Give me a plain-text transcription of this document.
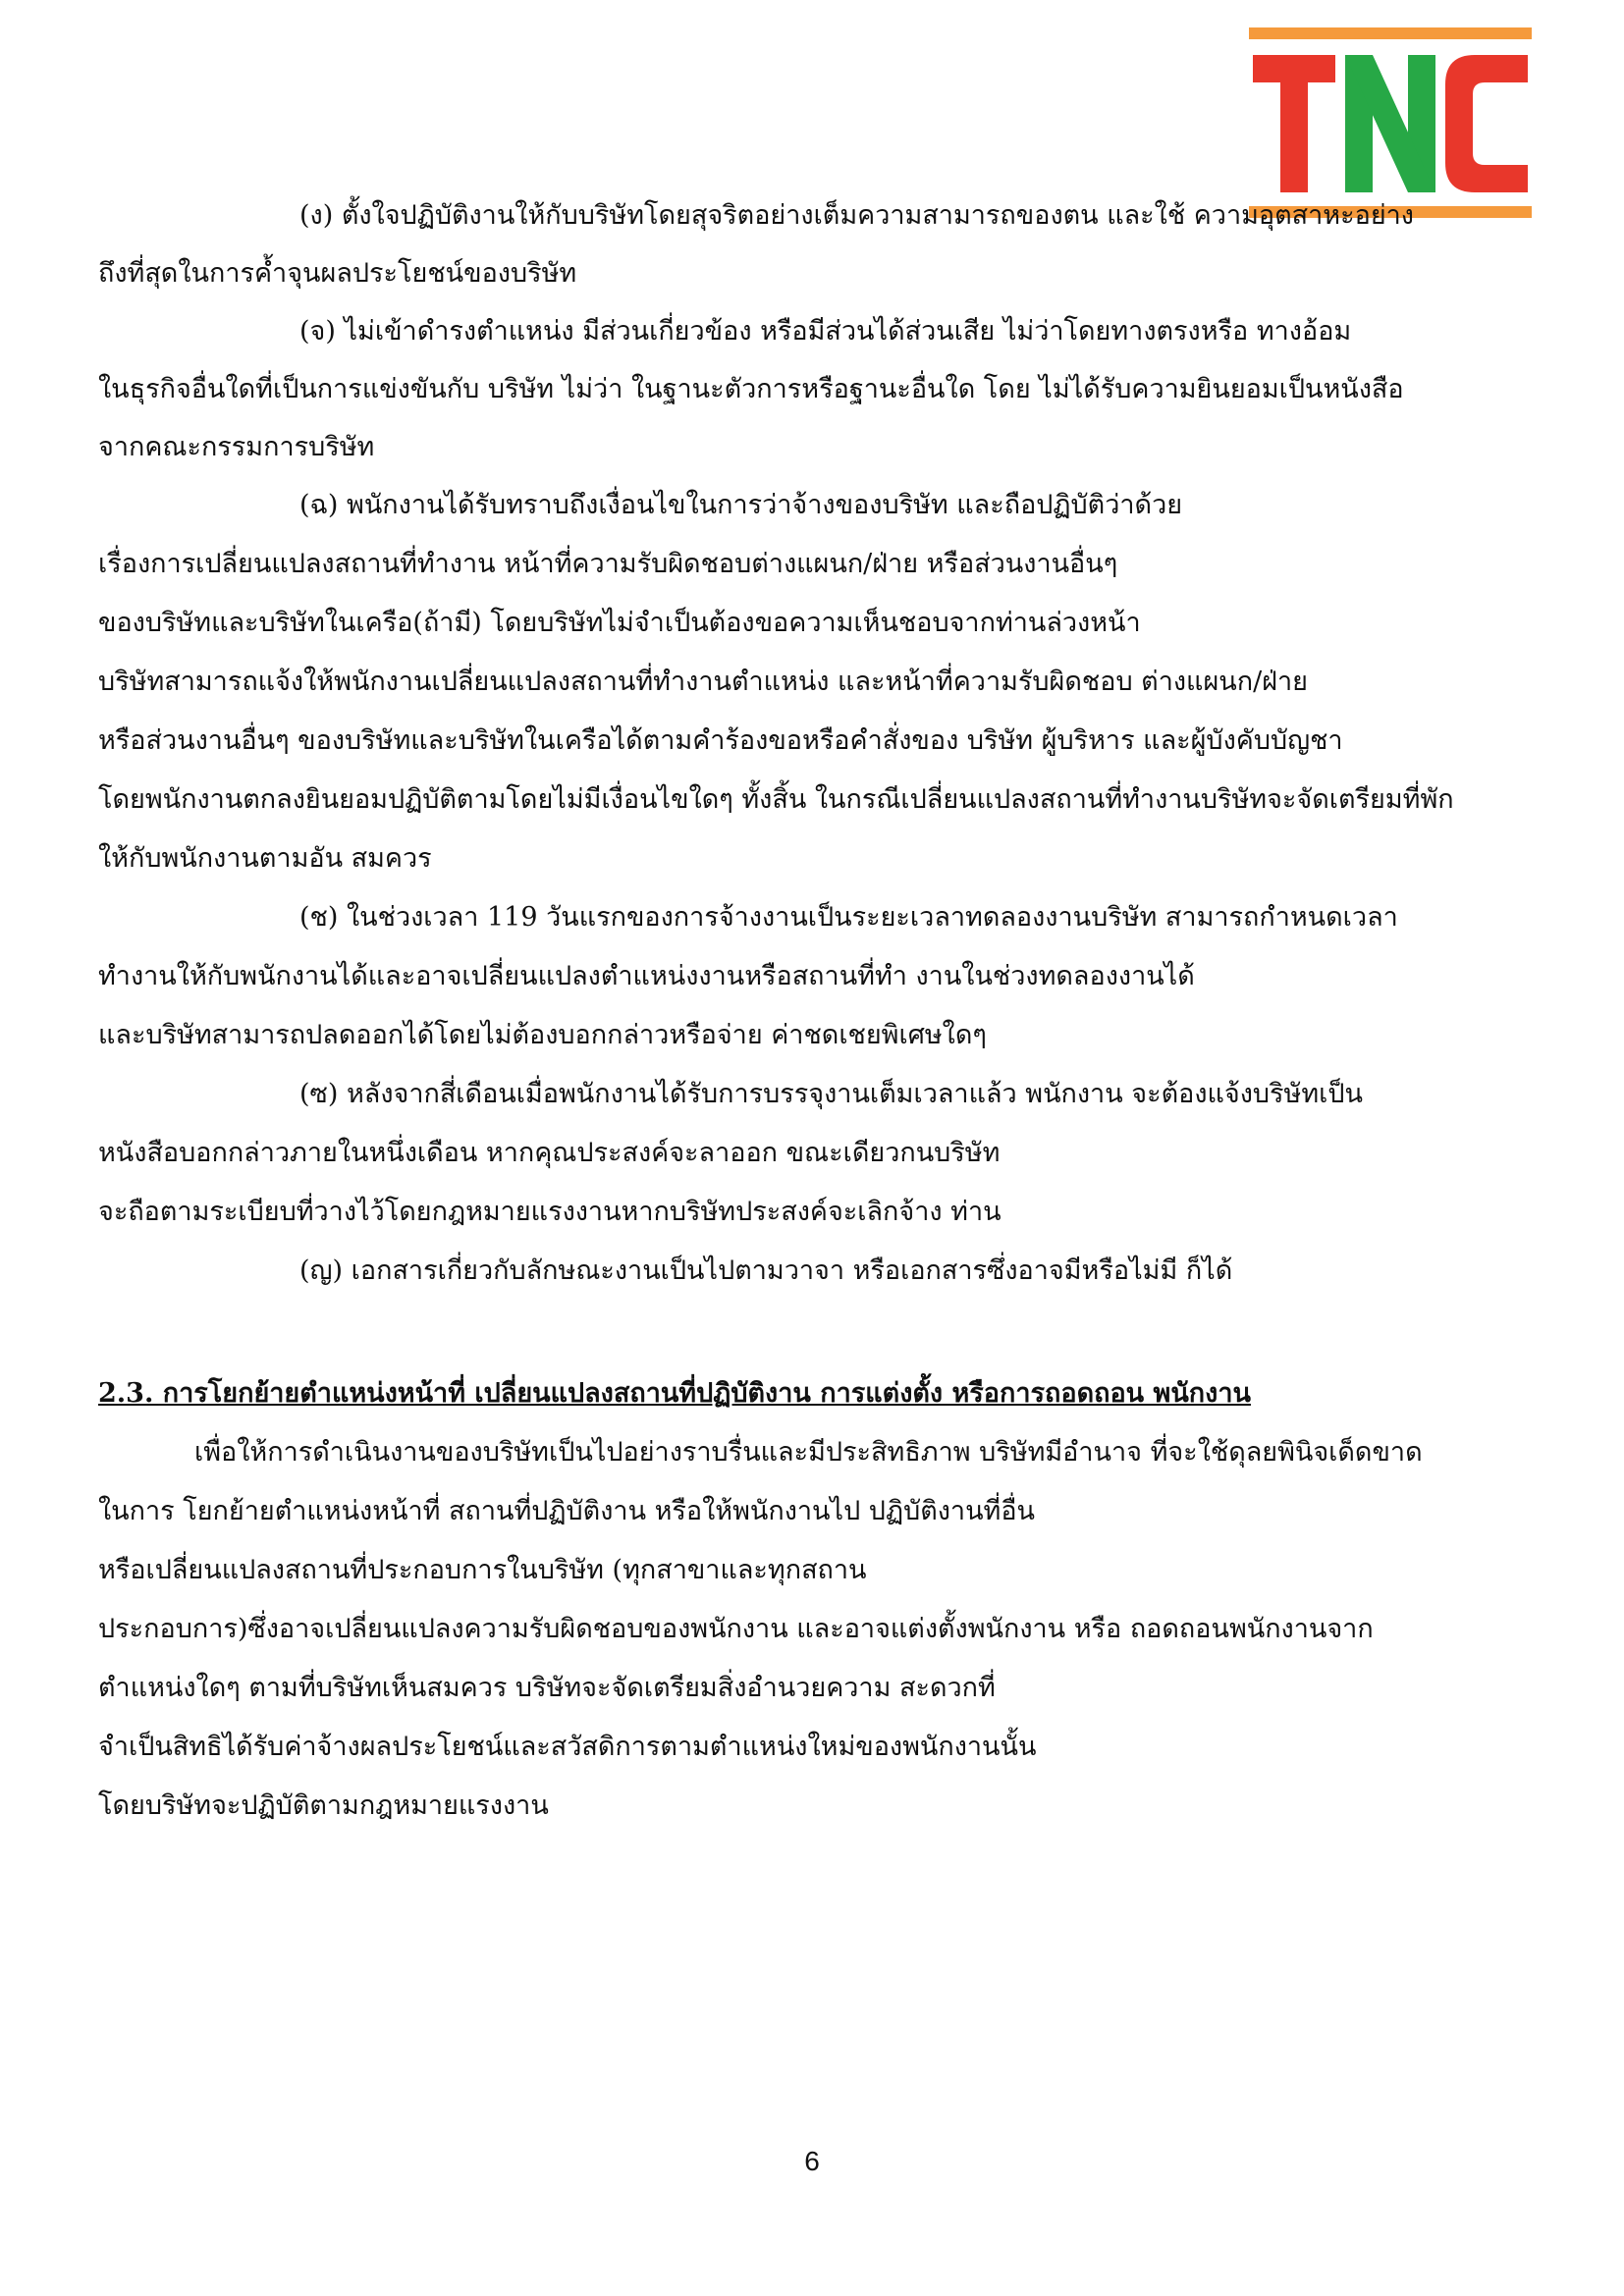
(ง) ตั้งใจปฏิบัติงานให้กับบริษัทโดยสุจริตอย่างเต็มความสามารถของตน และใช้ ความอุตสาหะอย่าง
ถึงที่สุดในการค้ำจุนผลประโยชน์ของบริษัท
(จ) ไม่เข้าดำรงตำแหน่ง มีส่วนเกี่ยวข้อง หรือมีส่วนได้ส่วนเสีย ไม่ว่าโดยทางตรงหรือ ทางอ้อม
ในธุรกิจอื่นใดที่เป็นการแข่งขันกับ บริษัท ไม่ว่า ในฐานะตัวการหรือฐานะอื่นใด โดย ไม่ได้รับความยินยอมเป็นหนังสือ
จากคณะกรรมการบริษัท
(ฉ) พนักงานได้รับทราบถึงเงื่อนไขในการว่าจ้างของบริษัท และถือปฏิบัติว่าด้วย
เรื่องการเปลี่ยนแปลงสถานที่ทำงาน หน้าที่ความรับผิดชอบต่างแผนก/ฝ่าย หรือส่วนงานอื่นๆ
ของบริษัทและบริษัทในเครือ(ถ้ามี) โดยบริษัทไม่จำเป็นต้องขอความเห็นชอบจากท่านล่วงหน้า
บริษัทสามารถแจ้งให้พนักงานเปลี่ยนแปลงสถานที่ทำงานตำแหน่ง และหน้าที่ความรับผิดชอบ ต่างแผนก/ฝ่าย
หรือส่วนงานอื่นๆ ของบริษัทและบริษัทในเครือได้ตามคำร้องขอหรือคำสั่งของ บริษัท ผู้บริหาร และผู้บังคับบัญชา
โดยพนักงานตกลงยินยอมปฏิบัติตามโดยไม่มีเงื่อนไขใดๆ ทั้งสิ้น ในกรณีเปลี่ยนแปลงสถานที่ทำงานบริษัทจะจัดเตรียมที่พัก
ให้กับพนักงานตามอัน สมควร
(ช) ในช่วงเวลา 119 วันแรกของการจ้างงานเป็นระยะเวลาทดลองงานบริษัท สามารถกำหนดเวลา
ทำงานให้กับพนักงานได้และอาจเปลี่ยนแปลงตำแหน่งงานหรือสถานที่ทำ งานในช่วงทดลองงานได้
และบริษัทสามารถปลดออกได้โดยไม่ต้องบอกกล่าวหรือจ่าย ค่าชดเชยพิเศษใดๆ
(ซ) หลังจากสี่เดือนเมื่อพนักงานได้รับการบรรจุงานเต็มเวลาแล้ว พนักงาน จะต้องแจ้งบริษัทเป็น
หนังสือบอกกล่าวภายในหนึ่งเดือน หากคุณประสงค์จะลาออก ขณะเดียวกนบริษัท
จะถือตามระเบียบที่วางไว้โดยกฎหมายแรงงานหากบริษัทประสงค์จะเลิกจ้าง ท่าน
(ญ) เอกสารเกี่ยวกับลักษณะงานเป็นไปตามวาจา หรือเอกสารซึ่งอาจมีหรือไม่มี ก็ได้
2.3. การโยกย้ายตำแหน่งหน้าที่ เปลี่ยนแปลงสถานที่ปฏิบัติงาน การแต่งตั้ง หรือการถอดถอน พนักงาน
เพื่อให้การดำเนินงานของบริษัทเป็นไปอย่างราบรื่นและมีประสิทธิภาพ บริษัทมีอำนาจ ที่จะใช้ดุลยพินิจเด็ดขาด
ในการ โยกย้ายตำแหน่งหน้าที่ สถานที่ปฏิบัติงาน หรือให้พนักงานไป ปฏิบัติงานที่อื่น
หรือเปลี่ยนแปลงสถานที่ประกอบการในบริษัท (ทุกสาขาและทุกสถาน
ประกอบการ)ซึ่งอาจเปลี่ยนแปลงความรับผิดชอบของพนักงาน และอาจแต่งตั้งพนักงาน หรือ ถอดถอนพนักงานจาก
ตำแหน่งใดๆ ตามที่บริษัทเห็นสมควร บริษัทจะจัดเตรียมสิ่งอำนวยความ สะดวกที่
จำเป็นสิทธิได้รับค่าจ้างผลประโยชน์และสวัสดิการตามตำแหน่งใหม่ของพนักงานนั้น
โดยบริษัทจะปฏิบัติตามกฎหมายแรงงาน
6
